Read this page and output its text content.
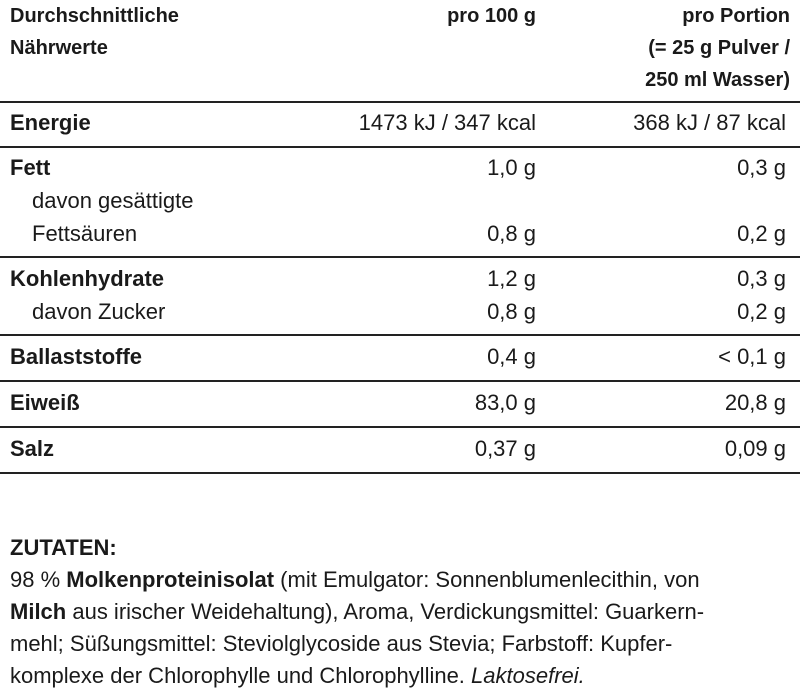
Durchschnittliche
Nährwerte
pro 100 g	pro Portion
(= 25 g Pulver /
250 ml Wasser)
Energie	1473 kJ / 347 kcal	368 kJ / 87 kcal
Fett	1,0 g	0,3 g
davon gesättigte
Fettsäuren	0,8 g	0,2 g
Kohlenhydrate	1,2 g	0,3 g
davon Zucker	0,8 g	0,2 g
Ballaststoffe	0,4 g	< 0,1 g
Eiweiß	83,0 g	20,8 g
Salz	0,37 g	0,09 g
ZUTATEN:
98 % Molkenproteinisolat (mit Emulgator: Sonnenblumenlecithin, von
Milch aus irischer Weidehaltung), Aroma, Verdickungsmittel: Guarkern-
mehl; Süßungsmittel: Steviolglycoside aus Stevia; Farbstoff: Kupfer-
komplexe der Chlorophylle und Chlorophylline. Laktosefrei.
